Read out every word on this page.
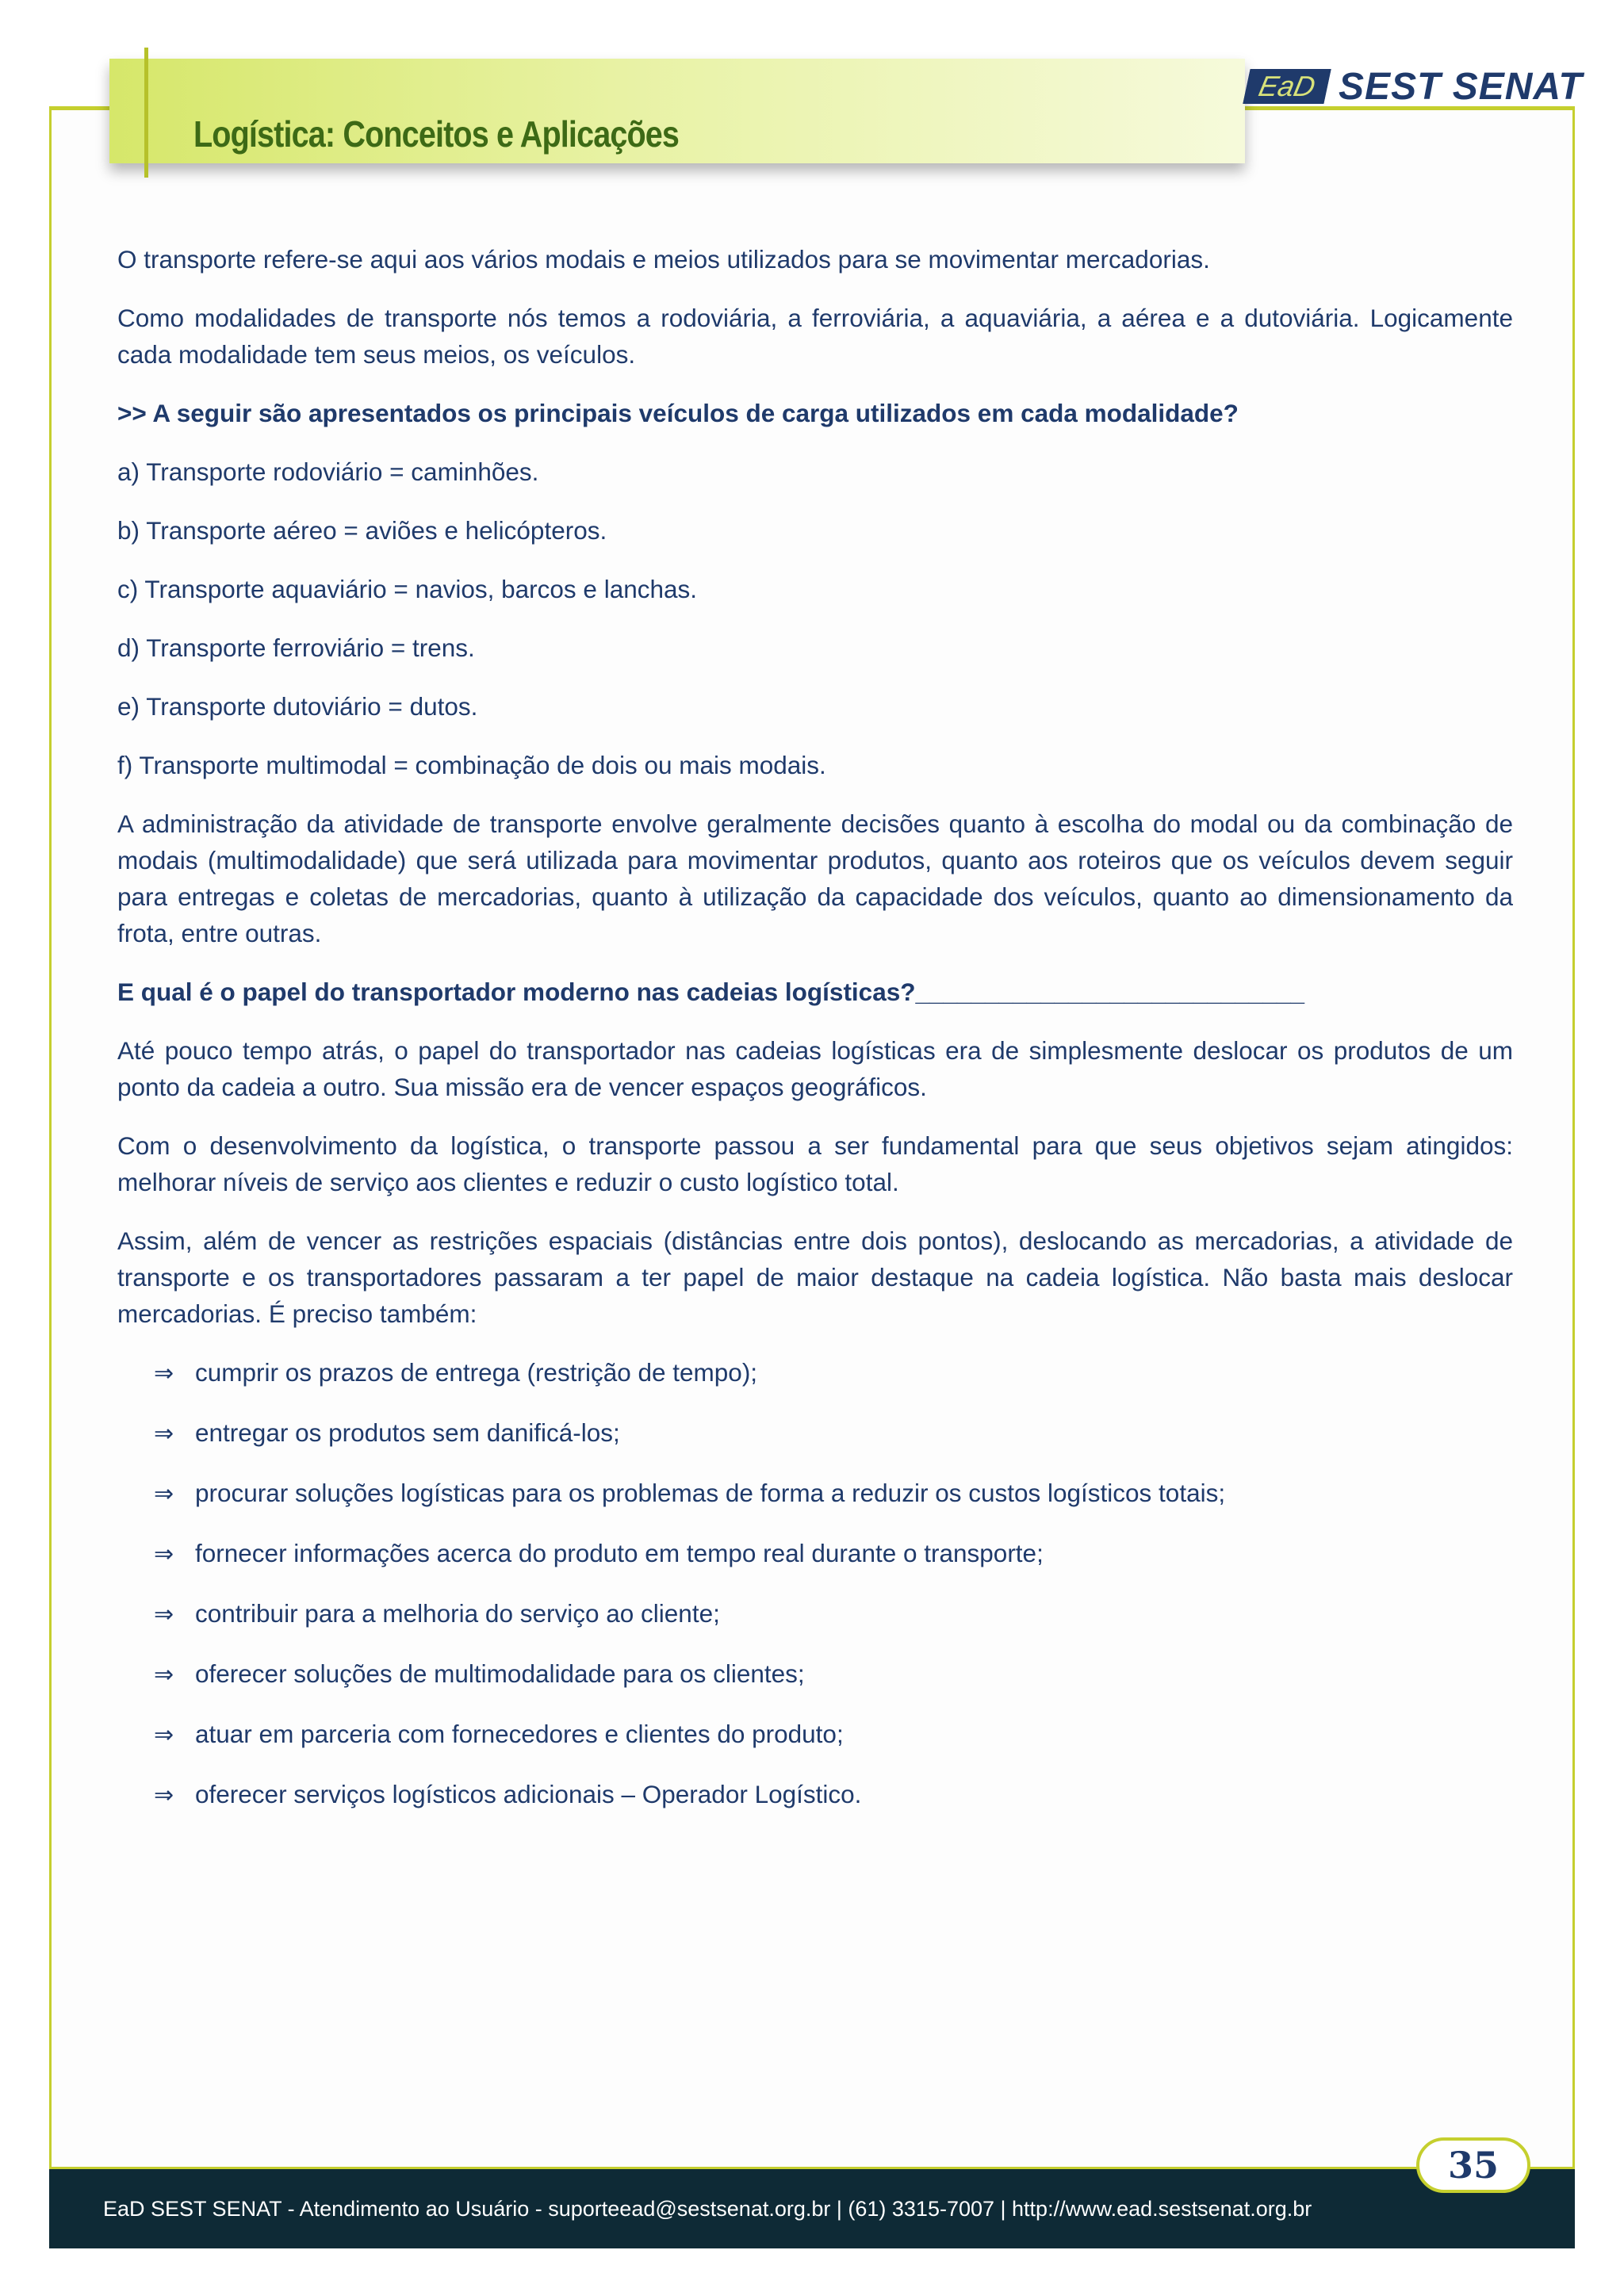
Logística: Conceitos e Aplicações
EaD SEST SENAT

O transporte refere-se aqui aos vários modais e meios utilizados para se movimentar mercadorias.

Como modalidades de transporte nós temos a rodoviária, a ferroviária, a aquaviária, a aérea e a dutoviária. Logicamente cada modalidade tem seus meios, os veículos.

>> A seguir são apresentados os principais veículos de carga utilizados em cada modalidade?

a) Transporte rodoviário = caminhões.

b) Transporte aéreo = aviões e helicópteros.

c) Transporte aquaviário = navios, barcos e lanchas.

d) Transporte ferroviário = trens.

e) Transporte dutoviário = dutos.

f) Transporte multimodal = combinação de dois ou mais modais.

A administração da atividade de transporte envolve geralmente decisões quanto à escolha do modal ou da combinação de modais (multimodalidade) que será utilizada para movimentar produtos, quanto aos roteiros que os veículos devem seguir para entregas e coletas de mercadorias, quanto à utilização da capacidade dos veículos, quanto ao dimensionamento da frota, entre outras.

E qual é o papel do transportador moderno nas cadeias logísticas?____________________________

Até pouco tempo atrás, o papel do transportador nas cadeias logísticas era de simplesmente deslocar os produtos de um ponto da cadeia a outro. Sua missão era de vencer espaços geográficos.

Com o desenvolvimento da logística, o transporte passou a ser fundamental para que seus objetivos sejam atingidos: melhorar níveis de serviço aos clientes e reduzir o custo logístico total.

Assim, além de vencer as restrições espaciais (distâncias entre dois pontos), deslocando as mercadorias, a atividade de transporte e os transportadores passaram a ter papel de maior destaque na cadeia logística. Não basta mais deslocar mercadorias. É preciso também:

⇒ cumprir os prazos de entrega (restrição de tempo);
⇒ entregar os produtos sem danificá-los;
⇒ procurar soluções logísticas para os problemas de forma a reduzir os custos logísticos totais;
⇒ fornecer informações acerca do produto em tempo real durante o transporte;
⇒ contribuir para a melhoria do serviço ao cliente;
⇒ oferecer soluções de multimodalidade para os clientes;
⇒ atuar em parceria com fornecedores e clientes do produto;
⇒ oferecer serviços logísticos adicionais – Operador Logístico.
EaD SEST SENAT - Atendimento ao Usuário - suporteead@sestsenat.org.br | (61) 3315-7007 | http://www.ead.sestsenat.org.br
35
